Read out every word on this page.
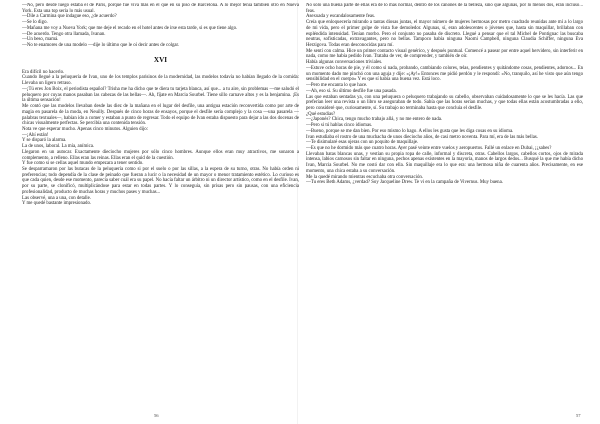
—No, pero desde luego estaba el de París, porque fue viva más en él que en su piso de Barcelona. A lo mejor tenía también otro en Nueva York. Esta una top sería lo más usual.

—Dile a Carmina que indague eso, ¿de acuerdo?

—Se lo digo.

—Mañana me voy a Nueva York; que me deje el recado en el hotel antes de irse esta tarde, si es que tiene algo.

—De acuerdo. Tengo otra llamada, Ivanan.

—Un beso, mamá.

—No te enamores de una modelo —dije lo último que le oí decir antes de colgar.

XVI

Era difícil no hacerlo.

Cuando llegué a la peluquería de Ivan, uno de los templos parisinos de la modernidad, las modelos todavía no habían llegado de la comida: Llevaba un ligero retraso.

—¡Tú eres Jon Boix, el periodista español? Trisha me ha dicho que te diera tu tarjeta blanca, así que... a tu aire, sin problemas —me saludó el peluquero por cuyas manos pasaban las cabezas de las bellas—. Ah, fíjate en Marcia Sourbel. Tiene sillo carnave altos y es la benjamina. ¡Es la última sensación!

Me contó que las modelos llevaban desde las diez de la mañana en el lugar del desfile, una antigua estación reconvertida como por arte de magia en pasarela de la moda, en Neuilly. Después de cinco horas de ensayos, porque el desfile sería complejo y la cosa —una pasarela —palabras textuales—, habían ido a comer y estaban a punto de regresar. Todo el equipo de Ivan estaba dispuesto para dejar a las dos docenas de chicas visualmente perfectas. Se percibía una contenida tensión.

Nota ve que esperar mucho. Apenas cinco minutos. Alguien dijo:

—¡Ahí están!

Y se disparó la alarma.

La de unos, laboral. La mía, anímica.

Llegaron en un autocar. Exactamente dieciocho mujeres por sólo cinco hombres. Aunque ellos eran muy atractivos, me sonaron a complemento, a relleno. Ellas eran las reinas. Ellas eran el quid de la cuestión.

Y fue como si se cellas aquel mundo empezara a tener sentido.

Se desparramaron por las butacas de la peluquería como si por el suelo o por las sillas, a la espera de su turno, otras. No había orden ni preferencias; todo dependía de la clase de peinado que fueran a lucir o la necesidad de un mayor o menor tratamiento estético. Lo curioso es que cada quien, desde ese momento, parecía saber cuál era su papel. No hacía faltar un árbitro ni un director artístico, como en el desfile. Ivan, por su parte, se clonificó, multiplicándose para estar en todas partes. Y lo conseguía, sin prisas pero sin pausas, con una eficiencia profesionalidad, producto de muchas horas y muchos pases y muchas...

Las observé, una a una, con detalle.

Y me quedé bastante impresionado.

56

No sólo una buena parte de ellas era de lo más normal, dentro de los cánones de la belleza, sino que algunas, por lo menos dos, eran incluso... feas.

Asexuada y escandalosamente feas.

Creía que enloquecería mirando a tantas diosas juntas, el mayor número de mujeres hermosas por metro cuadrado reunidas ante mí a lo largo de mi vida, pero el primer golpe de vista fue demoledor. Algunas, sí, eran adolescentes o jóvenes que, hasta sin maquillar, brillaban con espléndida intensidad. Tenían morbo. Pero el conjunto no pasaba de discreto. Llegué a pensar que el tal Michel de Pontignac las buscaba neutras, sofisticadas, extravagantes, pero no bellas. Tampoco había ninguna Naomi Campbell, ninguna Claudia Schiffer, ninguna Eva Herzigova. Todas eran desconocidas para mí.

Me sentí con calma. Hice un primer contacto visual genérico, y después puntual. Comencé a pasear por entre aquel hervidero, sin interferir en nada, como me había pedido Ivan. Trataba de ver, de comprender, y también de oír.

Había algunas conversaciones triviales.

—Estuve ocho horas de pie, y él como si nada, probando, cambiando colores, telas, pendientes y quitándome cosas, pendientes, adornos... En un momento dado me pinchó con una aguja y dije: «¡Ay!» Entonces me pidió perdón y le respondí: «No, tranquilo, así he visto que aún tengo sensibilidad en el cuerpo» Y es que sí había una buena vez. Está loco.

—Pero me encanta lo que hace.

—Ah, eso sí. Su último desfile fue una pasada.

Las que estaban sentadas ya, con una peluquera o peluquero trabajando su cabello, observaban cuidadosamente lo que se les hacía. Las que preferían leer una revista o un libro se aseguraban de todo. Sabía que las horas serían muchas, y que todas ellas están acostumbradas a ello, pero consideré que, curiosamente, sí. Su trabajo no terminaba hasta que concluía el desfile.

¿Qué estudias?

—¿Japonés? Chica, tengo mucho trabajo allá, y no me entero de nada.

—Pero si tú hablas cinco idiomas.

—Bueno, porque se me dan bien. Por eso mismo lo hago. A ellos les gusta que les diga cosas en su idioma.

Ivan estudiaba el rostro de una muchacha de unos dieciocho años, de casi metro noventa. Para mí, era de las más bellas.

—Te disimularé esas ojeras con un poquito de maquillaje.

—Es que no he dormido más que cuatro horas. Ayer pasé veinte entre vuelos y aeropuertos. Fallé un enlace en Dubai, ¡¿sabes?

Llevaban batas blancas unas, y vestían su propia ropa de calle, informal y discreta, otras. Cabellos largos, cabellos cortos, ojos de mirada intensa, labios carnosos sin faltar en ninguna, pechos apenas existentes en la mayoría, manos de largos dedos... Busqué la que me había dicho Ivan, Marcia Sourbel. No me costó dar con ella. Sin maquillaje era lo que era: una hermosa niña de cuarenta años. Precisamente, en ese momento, una chica estaba a su conversación.

Me la quedé mirando mientras escuchaba otra conversación.

—Tu eres Beth Adams, ¿verdad? Soy Jacqueline Drew. Te vi en la campaña de Vivernus. Muy buena.

57
